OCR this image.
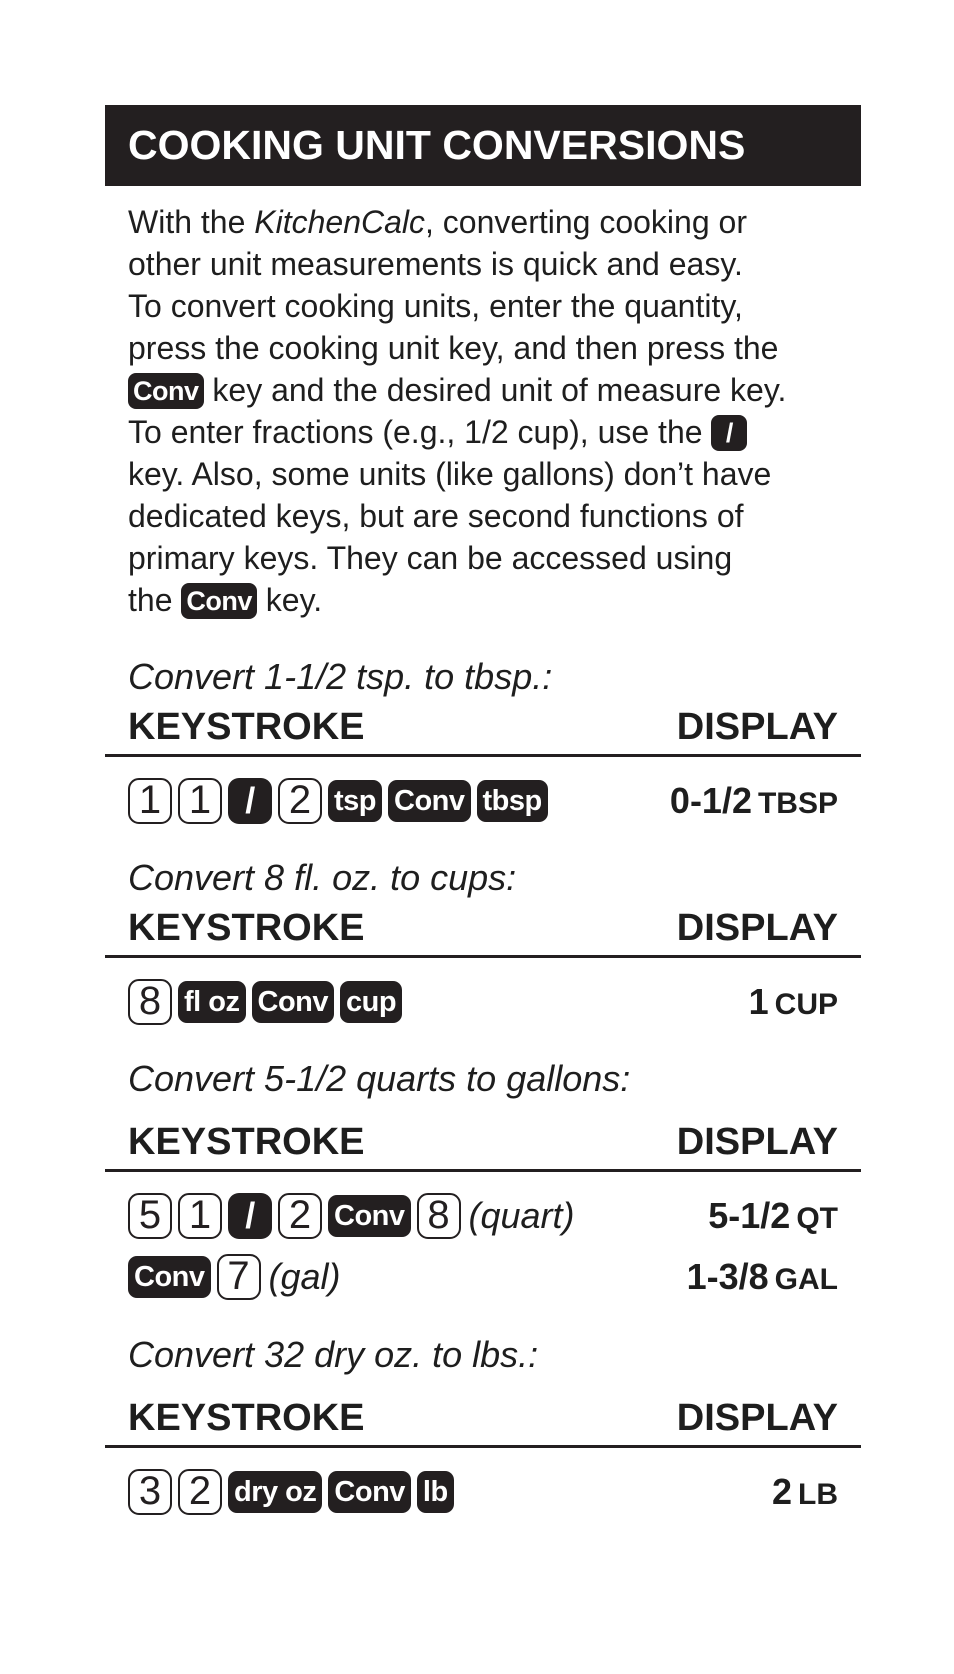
COOKING UNIT CONVERSIONS
With the KitchenCalc, converting cooking or
other unit measurements is quick and easy.
To convert cooking units, enter the quantity,
press the cooking unit key, and then press the
Conv key and the desired unit of measure key.
To enter fractions (e.g., 1/2 cup), use the /
key. Also, some units (like gallons) don’t have
dedicated keys, but are second functions of
primary keys. They can be accessed using
the Conv key.
Convert 1-1/2 tsp. to tbsp.:
KEYSTROKE	DISPLAY
1 1 / 2 tsp Conv tbsp	0-1/2 TBSP
Convert 8 fl. oz. to cups:
KEYSTROKE	DISPLAY
8 fl oz Conv cup	1 CUP
Convert 5-1/2 quarts to gallons:
KEYSTROKE	DISPLAY
5 1 / 2 Conv 8 (quart)	5-1/2 QT
Conv 7 (gal)	1-3/8 GAL
Convert 32 dry oz. to lbs.:
KEYSTROKE	DISPLAY
3 2 dry oz Conv lb	2 LB
